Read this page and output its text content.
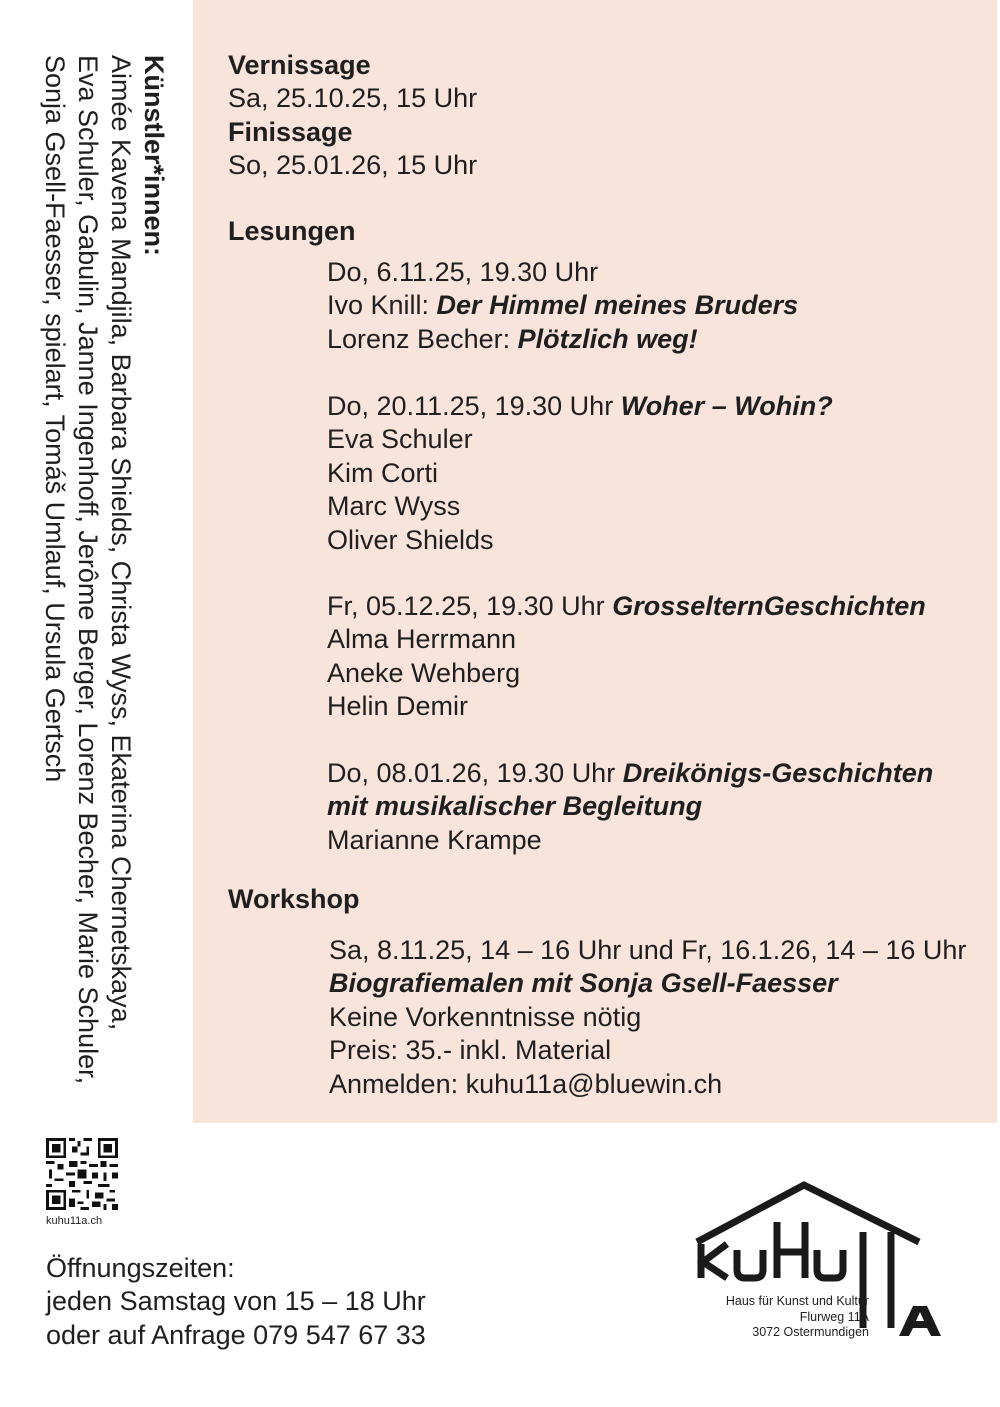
Künstler*innen:
Aimée Kavena Mandjila, Barbara Shields, Christa Wyss, Ekaterina Chernetskaya,
Eva Schuler, Gabulin, Janne Ingenhoff, Jerôme Berger, Lorenz Becher, Marie Schuler,
Sonja Gsell-Faesser, spielart, Tomáš Umlauf, Ursula Gertsch	Vernissage
Sa, 25.10.25, 15 Uhr
Finissage
So, 25.01.26, 15 Uhr
Lesungen
Do, 6.11.25, 19.30 Uhr
Ivo Knill: Der Himmel meines Bruders
Lorenz Becher: Plötzlich weg!
Do, 20.11.25, 19.30 Uhr Woher – Wohin?
Eva Schuler
Kim Corti
Marc Wyss
Oliver Shields
Fr, 05.12.25, 19.30 Uhr GrosselternGeschichten
Alma Herrmann
Aneke Wehberg
Helin Demir
Do, 08.01.26, 19.30 Uhr Dreikönigs-Geschichten
mit musikalischer Begleitung
Marianne Krampe
Workshop
Sa, 8.11.25, 14 – 16 Uhr und Fr, 16.1.26, 14 – 16 Uhr
Biografiemalen mit Sonja Gsell-Faesser
Keine Vorkenntnisse nötig
Preis: 35.- inkl. Material
Anmelden: kuhu11a@bluewin.ch
kuhu11a.ch
Öffnungszeiten:
jeden Samstag von 15 – 18 Uhr
oder auf Anfrage 079 547 67 33
Haus für Kunst und Kultur
Flurweg 11A
3072 Ostermundigen
